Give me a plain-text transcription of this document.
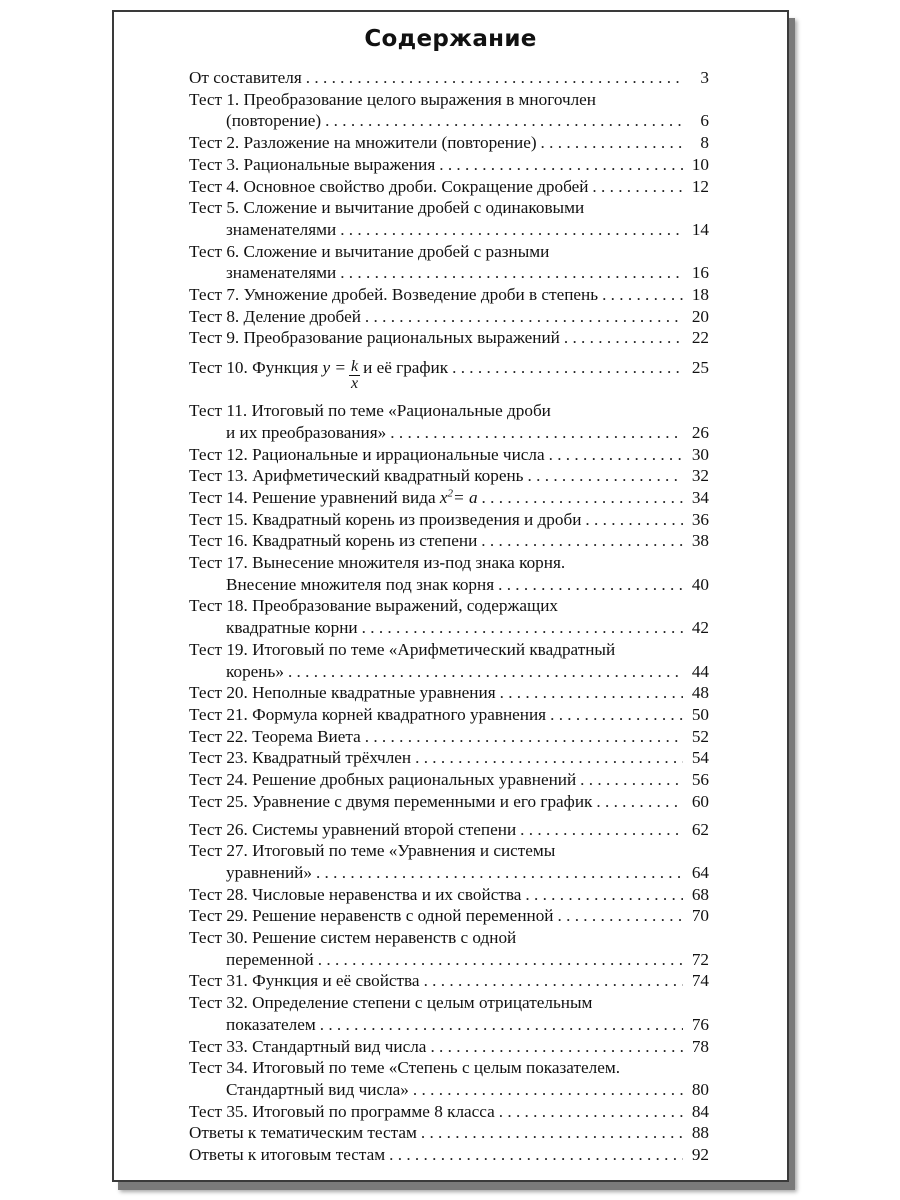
Содержание
От составителя . . .	3
Тест 1. Преобразование целого выражения в многочлен
(повторение) . . .	6
Тест 2. Разложение на множители (повторение) . . .	8
Тест 3. Рациональные выражения . . .	10
Тест 4. Основное свойство дроби. Сокращение дробей . . .	12
Тест 5. Сложение и вычитание дробей с одинаковыми
знаменателями . . .	14
Тест 6. Сложение и вычитание дробей с разными
знаменателями . . .	16
Тест 7. Умножение дробей. Возведение дроби в степень . . .	18
Тест 8. Деление дробей . . .	20
Тест 9. Преобразование рациональных выражений . . .	22
Тест 10. Функция $y = \frac{k}{x}$ и её график . . .	25
Тест 11. Итоговый по теме «Рациональные дроби
и их преобразования» . . .	26
Тест 12. Рациональные и иррациональные числа . . .	30
Тест 13. Арифметический квадратный корень . . .	32
Тест 14. Решение уравнений вида $x^2= a$ . . .	34
Тест 15. Квадратный корень из произведения и дроби . . .	36
Тест 16. Квадратный корень из степени . . .	38
Тест 17. Вынесение множителя из-под знака корня.
Внесение множителя под знак корня . . .	40
Тест 18. Преобразование выражений, содержащих
квадратные корни . . .	42
Тест 19. Итоговый по теме «Арифметический квадратный
корень» . . .	44
Тест 20. Неполные квадратные уравнения . . .	48
Тест 21. Формула корней квадратного уравнения . . .	50
Тест 22. Теорема Виета . . .	52
Тест 23. Квадратный трёхчлен . . .	54
Тест 24. Решение дробных рациональных уравнений . . .	56
Тест 25. Уравнение с двумя переменными и его график . . .	60
Тест 26. Системы уравнений второй степени . . .	62
Тест 27. Итоговый по теме «Уравнения и системы
уравнений» . . .	64
Тест 28. Числовые неравенства и их свойства . . .	68
Тест 29. Решение неравенств с одной переменной . . .	70
Тест 30. Решение систем неравенств с одной
переменной . . .	72
Тест 31. Функция и её свойства . . .	74
Тест 32. Определение степени с целым отрицательным
показателем . . .	76
Тест 33. Стандартный вид числа . . .	78
Тест 34. Итоговый по теме «Степень с целым показателем.
Стандартный вид числа» . . .	80
Тест 35. Итоговый по программе 8 класса . . .	84
Ответы к тематическим тестам . . .	88
Ответы к итоговым тестам . . .	92
